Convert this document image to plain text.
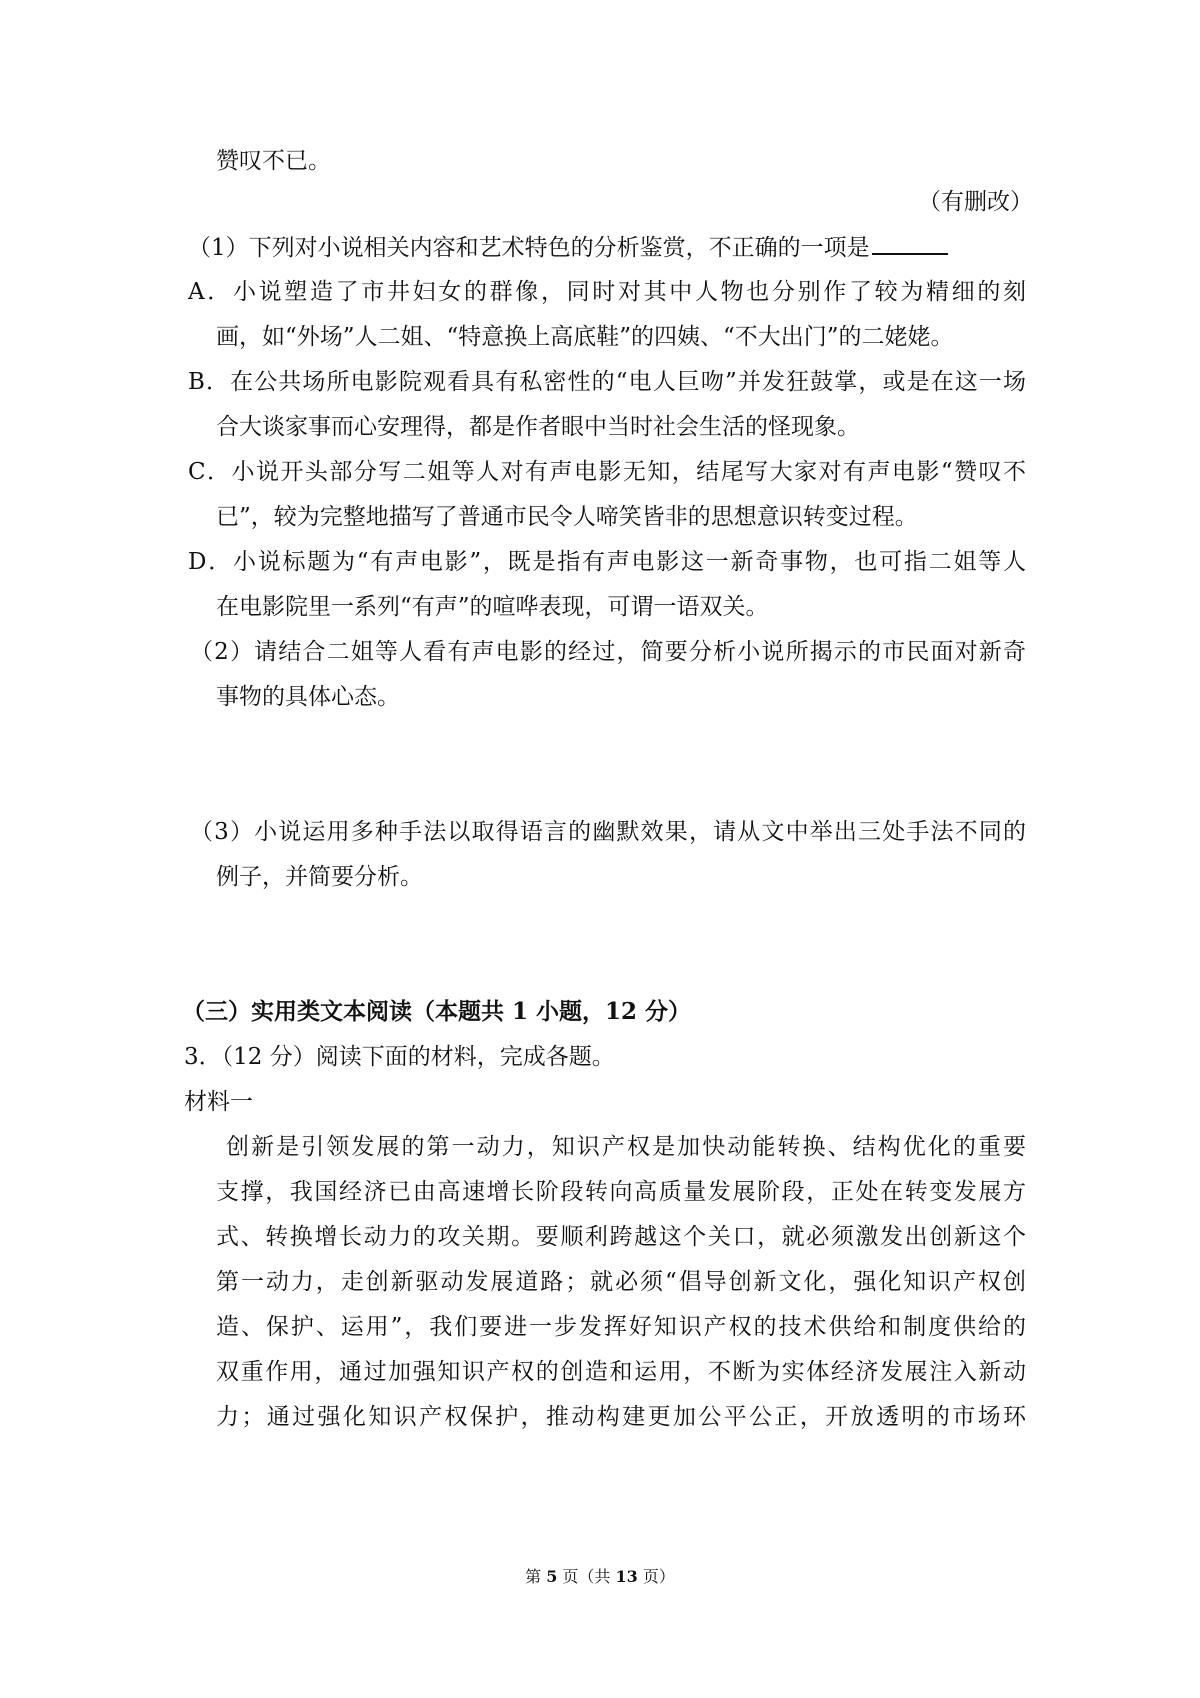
赞叹不已。
（有删改）
（1）下列对小说相关内容和艺术特色的分析鉴赏，不正确的一项是
A．小说塑造了市井妇女的群像，同时对其中人物也分别作了较为精细的刻
画，如“外场”人二姐、“特意换上高底鞋”的四姨、“不大出门”的二姥姥。
B．在公共场所电影院观看具有私密性的“电人巨吻”并发狂鼓掌，或是在这一场
合大谈家事而心安理得，都是作者眼中当时社会生活的怪现象。
C．小说开头部分写二姐等人对有声电影无知，结尾写大家对有声电影“赞叹不
已”，较为完整地描写了普通市民令人啼笑皆非的思想意识转变过程。
D．小说标题为“有声电影”，既是指有声电影这一新奇事物，也可指二姐等人
在电影院里一系列“有声”的喧哗表现，可谓一语双关。
（2）请结合二姐等人看有声电影的经过，简要分析小说所揭示的市民面对新奇
事物的具体心态。
（3）小说运用多种手法以取得语言的幽默效果，请从文中举出三处手法不同的
例子，并简要分析。
（三）实用类文本阅读（本题共 1 小题，12 分）
3．（12 分）阅读下面的材料，完成各题。
材料一
创新是引领发展的第一动力，知识产权是加快动能转换、结构优化的重要
支撑，我国经济已由高速增长阶段转向高质量发展阶段，正处在转变发展方
式、转换增长动力的攻关期。要顺利跨越这个关口，就必须激发出创新这个
第一动力，走创新驱动发展道路；就必须“倡导创新文化，强化知识产权创
造、保护、运用”，我们要进一步发挥好知识产权的技术供给和制度供给的
双重作用，通过加强知识产权的创造和运用，不断为实体经济发展注入新动
力；通过强化知识产权保护，推动构建更加公平公正，开放透明的市场环
第 5 页（共 13 页）
